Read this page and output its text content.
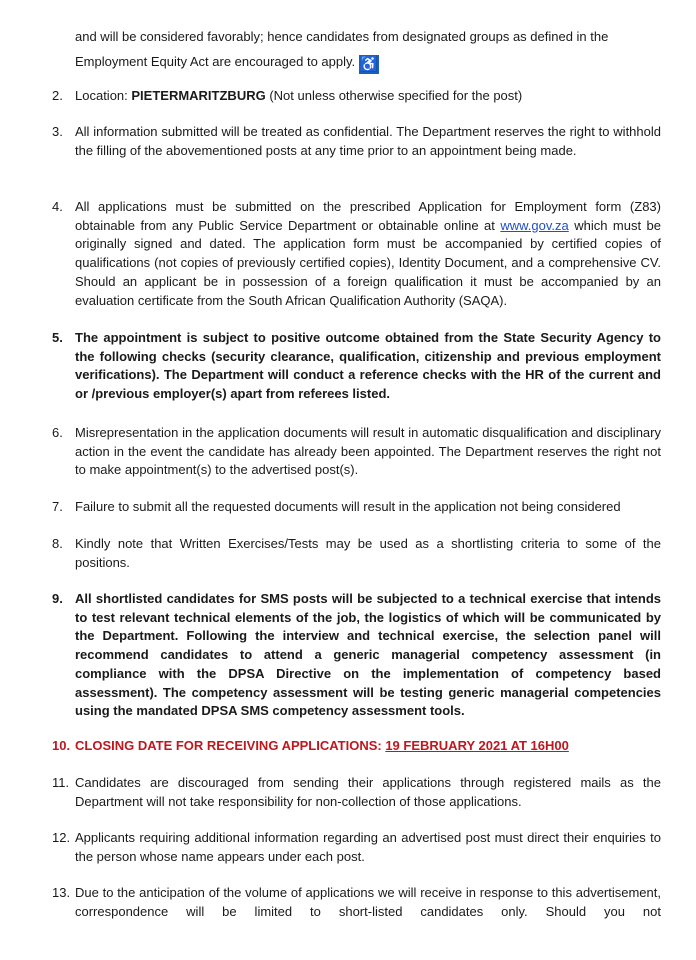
and will be considered favorably; hence candidates from designated groups as defined in the
Employment Equity Act are encouraged to apply. ♿
2. Location: PIETERMARITZBURG (Not unless otherwise specified for the post)
3. All information submitted will be treated as confidential. The Department reserves the right to withhold the filling of the abovementioned posts at any time prior to an appointment being made.
4. All applications must be submitted on the prescribed Application for Employment form (Z83) obtainable from any Public Service Department or obtainable online at www.gov.za which must be originally signed and dated. The application form must be accompanied by certified copies of qualifications (not copies of previously certified copies), Identity Document, and a comprehensive CV. Should an applicant be in possession of a foreign qualification it must be accompanied by an evaluation certificate from the South African Qualification Authority (SAQA).
5. The appointment is subject to positive outcome obtained from the State Security Agency to the following checks (security clearance, qualification, citizenship and previous employment verifications). The Department will conduct a reference checks with the HR of the current and or /previous employer(s) apart from referees listed.
6. Misrepresentation in the application documents will result in automatic disqualification and disciplinary action in the event the candidate has already been appointed. The Department reserves the right not to make appointment(s) to the advertised post(s).
7. Failure to submit all the requested documents will result in the application not being considered
8. Kindly note that Written Exercises/Tests may be used as a shortlisting criteria to some of the positions.
9. All shortlisted candidates for SMS posts will be subjected to a technical exercise that intends to test relevant technical elements of the job, the logistics of which will be communicated by the Department. Following the interview and technical exercise, the selection panel will recommend candidates to attend a generic managerial competency assessment (in compliance with the DPSA Directive on the implementation of competency based assessment). The competency assessment will be testing generic managerial competencies using the mandated DPSA SMS competency assessment tools.
10. CLOSING DATE FOR RECEIVING APPLICATIONS: 19 FEBRUARY 2021 AT 16H00
11. Candidates are discouraged from sending their applications through registered mails as the Department will not take responsibility for non-collection of those applications.
12. Applicants requiring additional information regarding an advertised post must direct their enquiries to the person whose name appears under each post.
13. Due to the anticipation of the volume of applications we will receive in response to this advertisement, correspondence will be limited to short-listed candidates only. Should you not
